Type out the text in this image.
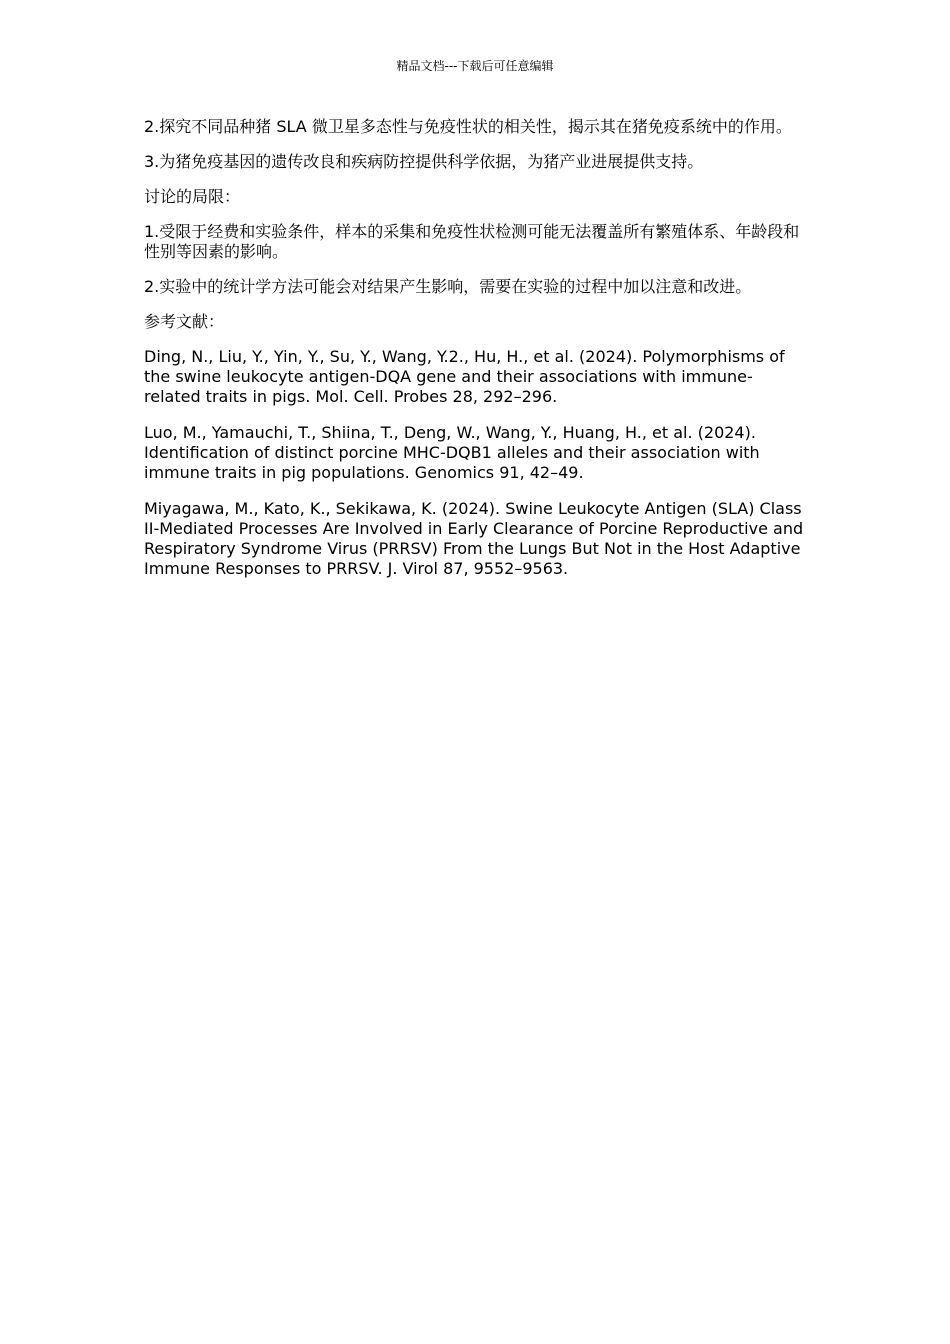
精品文档---下载后可任意编辑

2.探究不同品种猪 SLA 微卫星多态性与免疫性状的相关性，揭示其在猪免疫系统中的作用。

3.为猪免疫基因的遗传改良和疾病防控提供科学依据，为猪产业进展提供支持。

讨论的局限：

1.受限于经费和实验条件，样本的采集和免疫性状检测可能无法覆盖所有繁殖体系、年龄段和性别等因素的影响。

2.实验中的统计学方法可能会对结果产生影响，需要在实验的过程中加以注意和改进。

参考文献：

Ding, N., Liu, Y., Yin, Y., Su, Y., Wang, Y.2., Hu, H., et al. (2024). Polymorphisms of the swine leukocyte antigen-DQA gene and their associations with immune-related traits in pigs. Mol. Cell. Probes 28, 292–296.

Luo, M., Yamauchi, T., Shiina, T., Deng, W., Wang, Y., Huang, H., et al. (2024). Identification of distinct porcine MHC-DQB1 alleles and their association with immune traits in pig populations. Genomics 91, 42–49.

Miyagawa, M., Kato, K., Sekikawa, K. (2024). Swine Leukocyte Antigen (SLA) Class II-Mediated Processes Are Involved in Early Clearance of Porcine Reproductive and Respiratory Syndrome Virus (PRRSV) From the Lungs But Not in the Host Adaptive Immune Responses to PRRSV. J. Virol 87, 9552–9563.
